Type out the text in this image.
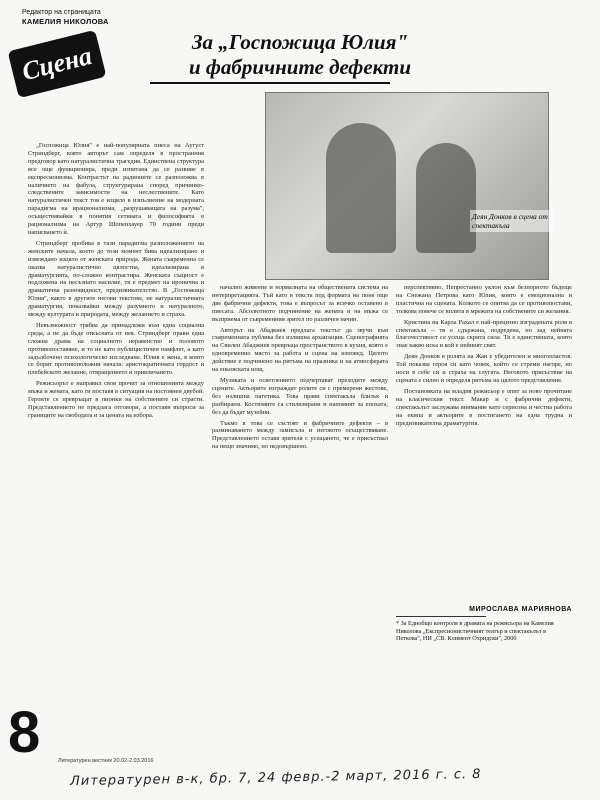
Редактор на страницата
КАМЕЛИЯ НИКОЛОВА
Сцена	За „Госпожица Юлия"
и фабричните дефекти
Деян Донков в сцена от спектакъла

„Госпожица Юлия" е най-популярната пиеса на Аугуст Стриндберг, която авторът сам определя в пространния предговор като натуралистична трагедия. Единствена структура все още функционира, преди изпитана да се развиве в експресионизма. Контрастът на радионите се разположва в наличието на фабула, структурирана според причинно-следствените зависимости на неслествените. Като натуралистичен текст тоя е изцяло в изпълнение на модерната парадигма на ирационализма, „разрушаващата на разума", осъществявайки в понятия сетивата и философията в рационализма на Артур Шопенхауер 70 години преди написването ѝ.

Стриндберг пробива в тази парадигма разположението на женските начала, което до този момент бива идеализирано и извеждано изцяло от женската природа. Жената съвременна се оказва натуралистично цялостна, идеализирана в драматургията, по-сложно контрастира. Женската същност е подложена на несъзнато насилие, тя е предмет на иронична и драматична разновидност, предизвикателство. В „Госпожица Юлия", както в другите негови текстове, не натуралистичната драматургия, показвайки между разумното и натуралното, между културата и природата, между желанието и страха.

Невъзможност трябва да принадлежи към една социална среда, а не да бъде откъсната от нея. Стриндберг прави една сложна драма на социалното неравенство и половото противопоставяне, и то не като публицистичен памфлет, а като задълбочено психологическо изследване. Юлия е жена, в която се борят противоположни начала: аристократичната гордост и плебейското желание, отвращението и привличането.

Режисьорът е направил своя прочит за отношенията между мъжа и жената, като ги поставя в ситуация на постоянен двубой. Героите се превръщат в пионки на собствените си страсти. Представлението не предлага отговори, а поставя въпроси за границите на свободата и за цената на избора.

начално живеене и нормалната на обществената система на интерпретацията. Тъй като в текста под формата на поне още две фабрични дефекти, това е въпросът за всичко оставено в пиесата. Абсолютното подчинение на жената и на мъжа се възприема от съвременния зрител по различен начин.

Авторът на Абадкиев предлага текстът да звучи към съвременната публика без излишна архаизация. Сценографията на Свилен Абаджиев превръща пространството в кухня, която е едновременно място за работа и сцена на изповед. Цялото действие е подчинено на ритъма на празника и на атмосферата на еньовската нощ.

Музиката и осветлението подчертават преходите между сцените. Актьорите изграждат ролите си с премерени жестове, без излишна патетика. Това прави спектакъла близък и разбираем. Костюмите са стилизирани и напомнят за епохата, без да бъдат музейни.

Тъкмо в това се състоят и фабричните дефекти – в разминаването между замисъла и неговото осъществяване. Представлението оставя зрителя с усещането, че е присъствал на нещо значимо, но недовършено.

перспективно. Непрестанно уклон към безпорното бъдеще на Снежана Петрова като Юлия, която е емоционална и пластична на сцената. Колкото се опитва да се противопостави, толкова повече се вплита в мрежата на собствените си желания.

Кристина на Карла Рахал е най-прецизно изградената роля в спектакъла – тя е сдържана, подредена, но зад нейната благочестивост се усеща скрита сила. Тя е единствената, която знае какво иска и кой е нейният свят.

Деян Донков в ролята на Жан е убедителен и многопластов. Той показва героя си като човек, който се стреми нагоре, но носи в себе си и страха на слугата. Неговото присъствие на сцената е силно и определя ритъма на цялото представление.

Постановката на младия режисьор е опит за ново прочитане на класическия текст. Макар и с фабрични дефекти, спектакълът заслужава внимание като сериозна и честна работа на екипа и актьорите в постигането на една трудна и предизвикателна драматургия.

МИРОСЛАВА МАРИЯНОВА
* За Еднобщо контроля в драмата на режисьора на Камелия Николова „Експресионистичният театър и спектакълът в Петкова", НИ „СВ. Климент Охридски", 2000
8	Литературен вестник 20.02-2.03.2016
Литературен в-к, бр. 7, 24 февр.-2 март, 2016 г. с. 8
